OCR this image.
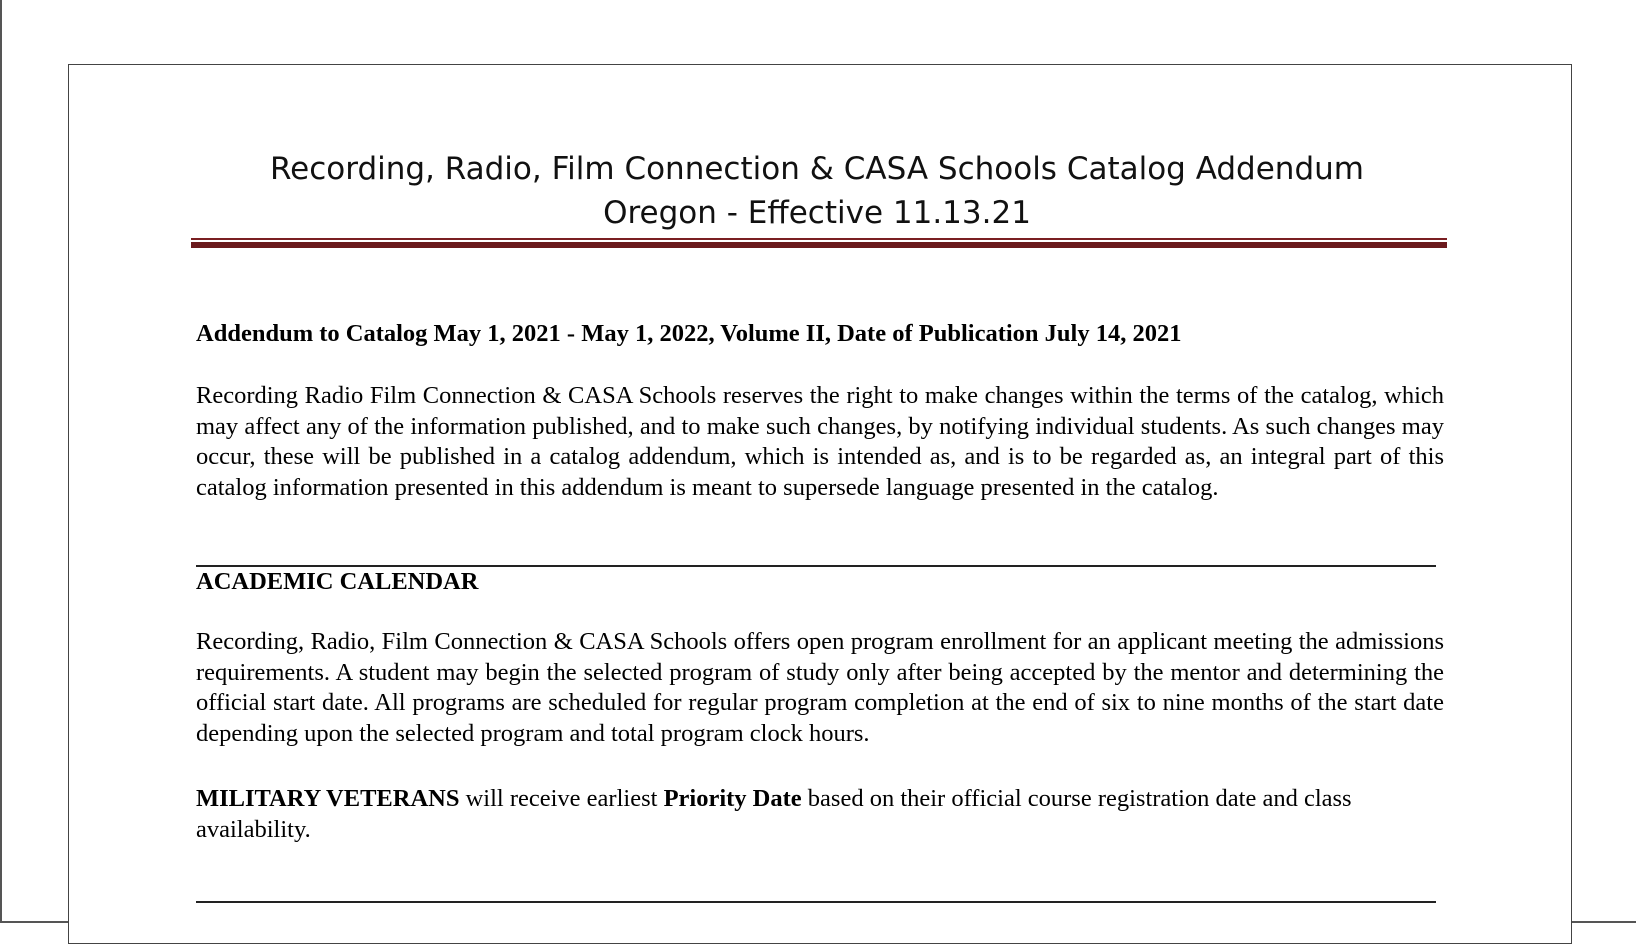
Recording, Radio, Film Connection & CASA Schools Catalog Addendum
Oregon - Effective 11.13.21
Addendum to Catalog May 1, 2021 - May 1, 2022, Volume II, Date of Publication July 14, 2021
Recording Radio Film Connection & CASA Schools reserves the right to make changes within the terms of the catalog, which may affect any of the information published, and to make such changes, by notifying individual students. As such changes may occur, these will be published in a catalog addendum, which is intended as, and is to be regarded as, an integral part of this catalog information presented in this addendum is meant to supersede language presented in the catalog.
ACADEMIC CALENDAR
Recording, Radio, Film Connection & CASA Schools offers open program enrollment for an applicant meeting the admissions requirements. A student may begin the selected program of study only after being accepted by the mentor and determining the official start date. All programs are scheduled for regular program completion at the end of six to nine months of the start date depending upon the selected program and total program clock hours.
MILITARY VETERANS will receive earliest Priority Date based on their official course registration date and class availability.
